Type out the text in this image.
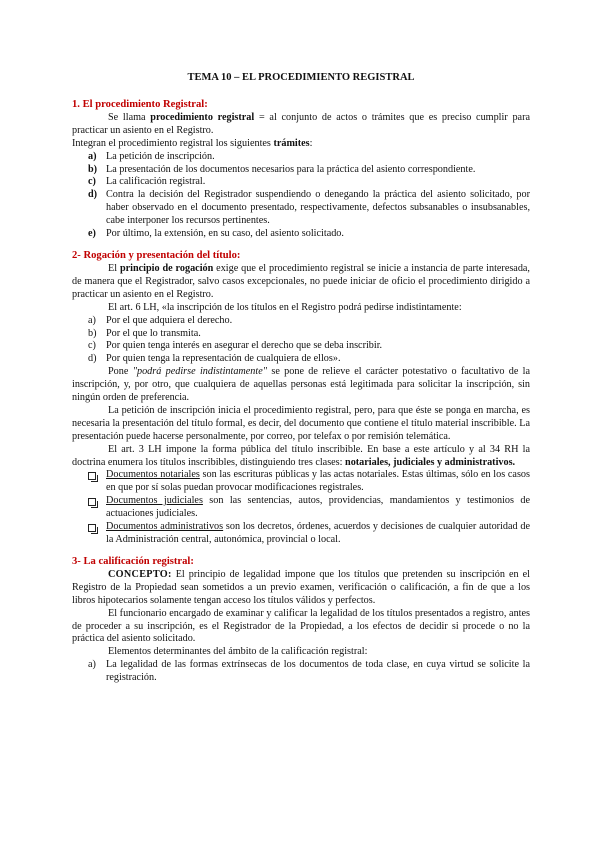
TEMA 10 – EL PROCEDIMIENTO REGISTRAL
1. El procedimiento Registral:

Se llama procedimiento registral = al conjunto de actos o trámites que es preciso cumplir para practicar un asiento en el Registro.

Integran el procedimiento registral los siguientes trámites:

a) La petición de inscripción.
b) La presentación de los documentos necesarios para la práctica del asiento correspondiente.
c) La calificación registral.
d) Contra la decisión del Registrador suspendiendo o denegando la práctica del asiento solicitado, por haber observado en el documento presentado, respectivamente, defectos subsanables o insubsanables, cabe interponer los recursos pertinentes.
e) Por último, la extensión, en su caso, del asiento solicitado.
2- Rogación y presentación del título:

El principio de rogación exige que el procedimiento registral se inicie a instancia de parte interesada, de manera que el Registrador, salvo casos excepcionales, no puede iniciar de oficio el procedimiento dirigido a practicar un asiento en el Registro.

El art. 6 LH, «la inscripción de los títulos en el Registro podrá pedirse indistintamente:

a) Por el que adquiera el derecho.
b) Por el que lo transmita.
c) Por quien tenga interés en asegurar el derecho que se deba inscribir.
d) Por quien tenga la representación de cualquiera de ellos».

Pone "podrá pedirse indistintamente" se pone de relieve el carácter potestativo o facultativo de la inscripción, y, por otro, que cualquiera de aquellas personas está legitimada para solicitar la inscripción, sin ningún orden de preferencia.

La petición de inscripción inicia el procedimiento registral, pero, para que éste se ponga en marcha, es necesaria la presentación del título formal, es decir, del documento que contiene el título material inscribible. La presentación puede hacerse personalmente, por correo, por telefax o por remisión telemática.

El art. 3 LH impone la forma pública del título inscribible. En base a este artículo y al 34 RH la doctrina enumera los títulos inscribibles, distinguiendo tres clases: notariales, judiciales y administrativos.

Documentos notariales son las escrituras públicas y las actas notariales. Estas últimas, sólo en los casos en que por sí solas puedan provocar modificaciones registrales.
Documentos judiciales son las sentencias, autos, providencias, mandamientos y testimonios de actuaciones judiciales.
Documentos administrativos son los decretos, órdenes, acuerdos y decisiones de cualquier autoridad de la Administración central, autonómica, provincial o local.
3- La calificación registral:

CONCEPTO: El principio de legalidad impone que los títulos que pretenden su inscripción en el Registro de la Propiedad sean sometidos a un previo examen, verificación o calificación, a fin de que a los libros hipotecarios solamente tengan acceso los títulos válidos y perfectos.

El funcionario encargado de examinar y calificar la legalidad de los títulos presentados a registro, antes de proceder a su inscripción, es el Registrador de la Propiedad, a los efectos de decidir si procede o no la práctica del asiento solicitado.

Elementos determinantes del ámbito de la calificación registral:

a) La legalidad de las formas extrínsecas de los documentos de toda clase, en cuya virtud se solicite la registración.
